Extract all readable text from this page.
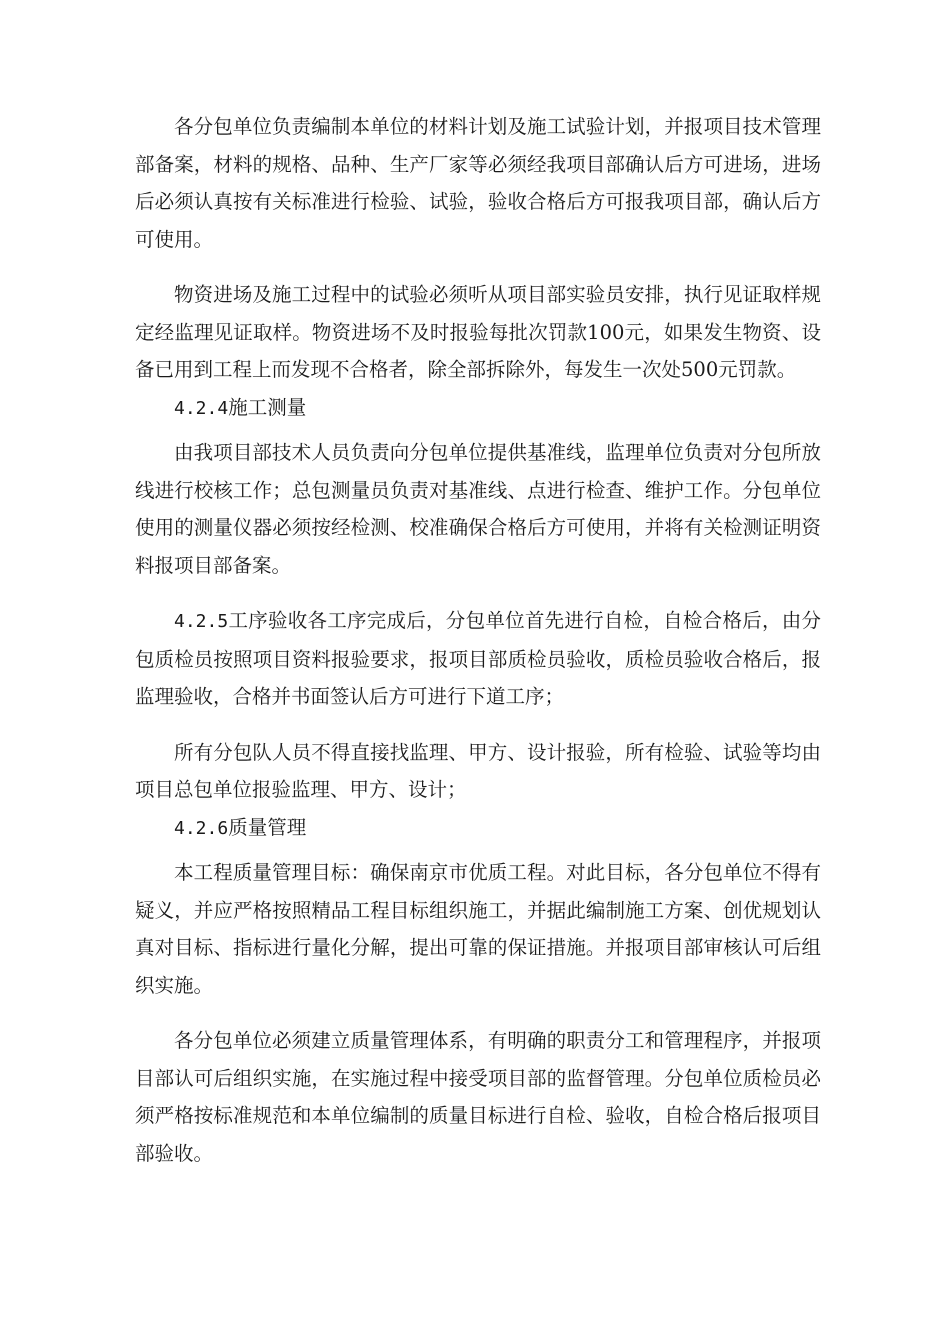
各分包单位负责编制本单位的材料计划及施工试验计划，并报项目技术管理部备案，材料的规格、品种、生产厂家等必须经我项目部确认后方可进场，进场后必须认真按有关标准进行检验、试验，验收合格后方可报我项目部，确认后方可使用。

物资进场及施工过程中的试验必须听从项目部实验员安排，执行见证取样规定经监理见证取样。物资进场不及时报验每批次罚款100元，如果发生物资、设备已用到工程上而发现不合格者，除全部拆除外，每发生一次处500元罚款。

4.2.4施工测量

由我项目部技术人员负责向分包单位提供基准线，监理单位负责对分包所放线进行校核工作；总包测量员负责对基准线、点进行检查、维护工作。分包单位使用的测量仪器必须按经检测、校准确保合格后方可使用，并将有关检测证明资料报项目部备案。

4.2.5工序验收各工序完成后，分包单位首先进行自检，自检合格后，由分包质检员按照项目资料报验要求，报项目部质检员验收，质检员验收合格后，报监理验收，合格并书面签认后方可进行下道工序；

所有分包队人员不得直接找监理、甲方、设计报验，所有检验、试验等均由项目总包单位报验监理、甲方、设计；

4.2.6质量管理

本工程质量管理目标：确保南京市优质工程。对此目标，各分包单位不得有疑义，并应严格按照精品工程目标组织施工，并据此编制施工方案、创优规划认真对目标、指标进行量化分解，提出可靠的保证措施。并报项目部审核认可后组织实施。

各分包单位必须建立质量管理体系，有明确的职责分工和管理程序，并报项目部认可后组织实施，在实施过程中接受项目部的监督管理。分包单位质检员必须严格按标准规范和本单位编制的质量目标进行自检、验收，自检合格后报项目部验收。
